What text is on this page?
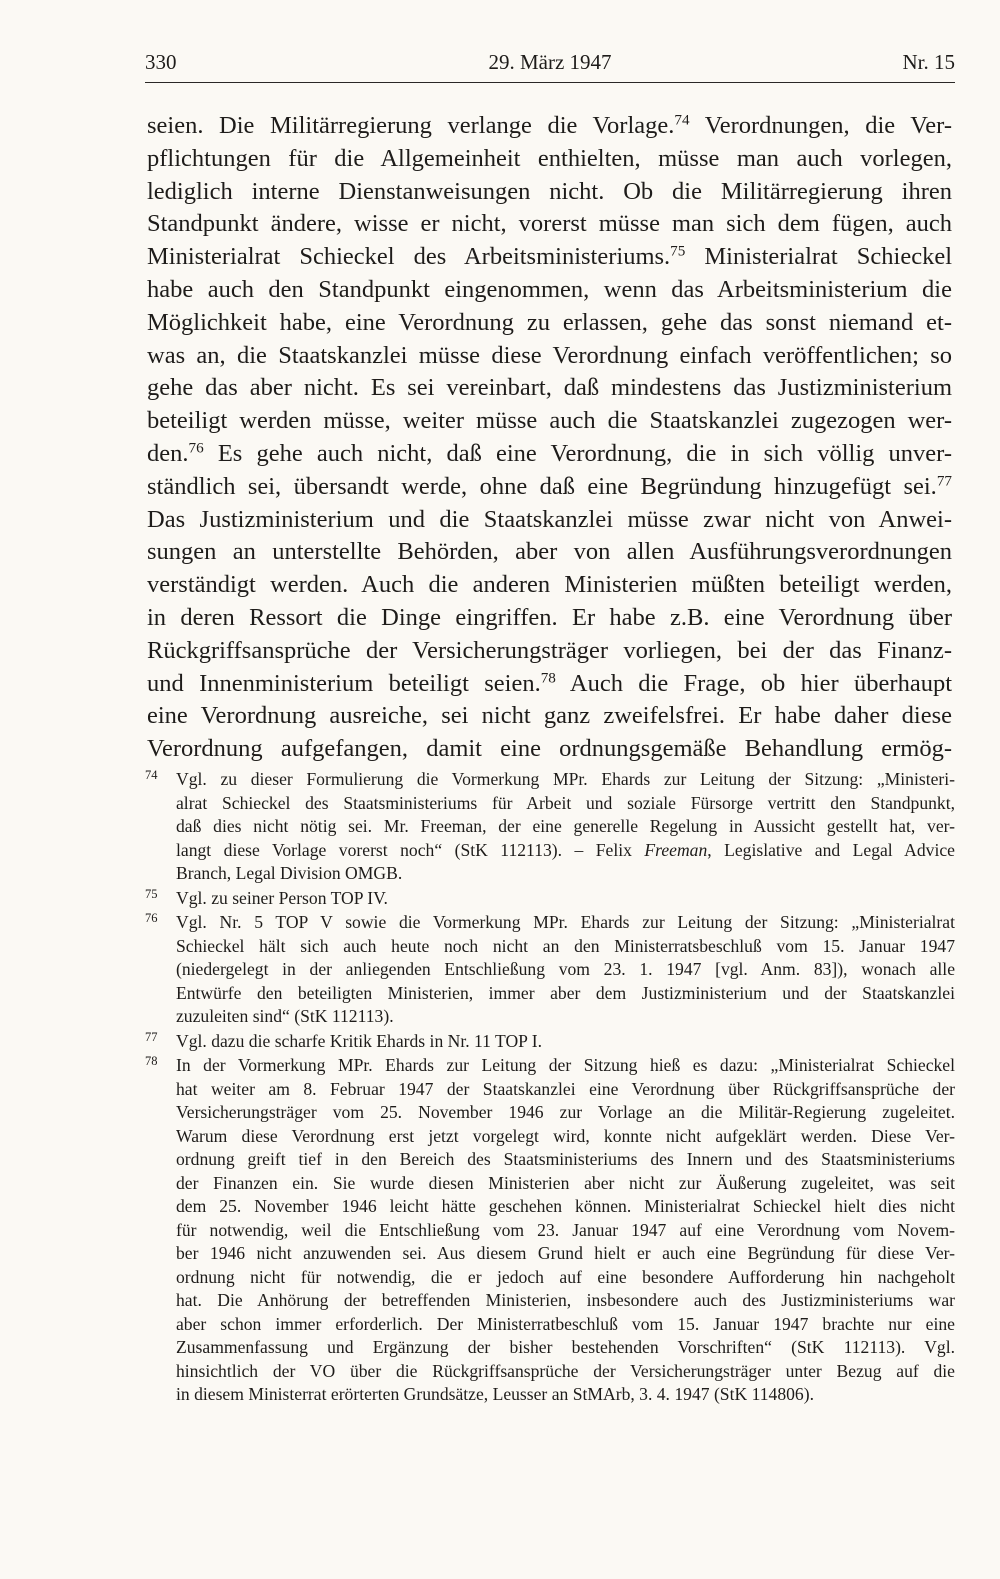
330	29. März 1947	Nr. 15
seien. Die Militärregierung verlange die Vorlage.$^{74}$ Verordnungen, die Ver-
pflichtungen für die Allgemeinheit enthielten, müsse man auch vorlegen,
lediglich interne Dienstanweisungen nicht. Ob die Militärregierung ihren
Standpunkt ändere, wisse er nicht, vorerst müsse man sich dem fügen, auch
Ministerialrat Schieckel des Arbeitsministeriums.$^{75}$ Ministerialrat Schieckel
habe auch den Standpunkt eingenommen, wenn das Arbeitsministerium die
Möglichkeit habe, eine Verordnung zu erlassen, gehe das sonst niemand et-
was an, die Staatskanzlei müsse diese Verordnung einfach veröffentlichen; so
gehe das aber nicht. Es sei vereinbart, daß mindestens das Justizministerium
beteiligt werden müsse, weiter müsse auch die Staatskanzlei zugezogen wer-
den.$^{76}$ Es gehe auch nicht, daß eine Verordnung, die in sich völlig unver-
ständlich sei, übersandt werde, ohne daß eine Begründung hinzugefügt sei.$^{77}$
Das Justizministerium und die Staatskanzlei müsse zwar nicht von Anwei-
sungen an unterstellte Behörden, aber von allen Ausführungsverordnungen
verständigt werden. Auch die anderen Ministerien müßten beteiligt werden,
in deren Ressort die Dinge eingriffen. Er habe z.B. eine Verordnung über
Rückgriffsansprüche der Versicherungsträger vorliegen, bei der das Finanz-
und Innenministerium beteiligt seien.$^{78}$ Auch die Frage, ob hier überhaupt
eine Verordnung ausreiche, sei nicht ganz zweifelsfrei. Er habe daher diese
Verordnung aufgefangen, damit eine ordnungsgemäße Behandlung ermög-
74 Vgl. zu dieser Formulierung die Vormerkung MPr. Ehards zur Leitung der Sitzung: „Ministeri-
alrat Schieckel des Staatsministeriums für Arbeit und soziale Fürsorge vertritt den Standpunkt,
daß dies nicht nötig sei. Mr. Freeman, der eine generelle Regelung in Aussicht gestellt hat, ver-
langt diese Vorlage vorerst noch“ (StK 112113). – Felix Freeman, Legislative and Legal Advice
Branch, Legal Division OMGB.
75 Vgl. zu seiner Person TOP IV.
76 Vgl. Nr. 5 TOP V sowie die Vormerkung MPr. Ehards zur Leitung der Sitzung: „Ministerialrat
Schieckel hält sich auch heute noch nicht an den Ministerratsbeschluß vom 15. Januar 1947
(niedergelegt in der anliegenden Entschließung vom 23. 1. 1947 [vgl. Anm. 83]), wonach alle
Entwürfe den beteiligten Ministerien, immer aber dem Justizministerium und der Staatskanzlei
zuzuleiten sind“ (StK 112113).
77 Vgl. dazu die scharfe Kritik Ehards in Nr. 11 TOP I.
78 In der Vormerkung MPr. Ehards zur Leitung der Sitzung hieß es dazu: „Ministerialrat Schieckel
hat weiter am 8. Februar 1947 der Staatskanzlei eine Verordnung über Rückgriffsansprüche der
Versicherungsträger vom 25. November 1946 zur Vorlage an die Militär-Regierung zugeleitet.
Warum diese Verordnung erst jetzt vorgelegt wird, konnte nicht aufgeklärt werden. Diese Ver-
ordnung greift tief in den Bereich des Staatsministeriums des Innern und des Staatsministeriums
der Finanzen ein. Sie wurde diesen Ministerien aber nicht zur Äußerung zugeleitet, was seit
dem 25. November 1946 leicht hätte geschehen können. Ministerialrat Schieckel hielt dies nicht
für notwendig, weil die Entschließung vom 23. Januar 1947 auf eine Verordnung vom Novem-
ber 1946 nicht anzuwenden sei. Aus diesem Grund hielt er auch eine Begründung für diese Ver-
ordnung nicht für notwendig, die er jedoch auf eine besondere Aufforderung hin nachgeholt
hat. Die Anhörung der betreffenden Ministerien, insbesondere auch des Justizministeriums war
aber schon immer erforderlich. Der Ministerratbeschluß vom 15. Januar 1947 brachte nur eine
Zusammenfassung und Ergänzung der bisher bestehenden Vorschriften“ (StK 112113). Vgl.
hinsichtlich der VO über die Rückgriffsansprüche der Versicherungsträger unter Bezug auf die
in diesem Ministerrat erörterten Grundsätze, Leusser an StMArb, 3. 4. 1947 (StK 114806).
